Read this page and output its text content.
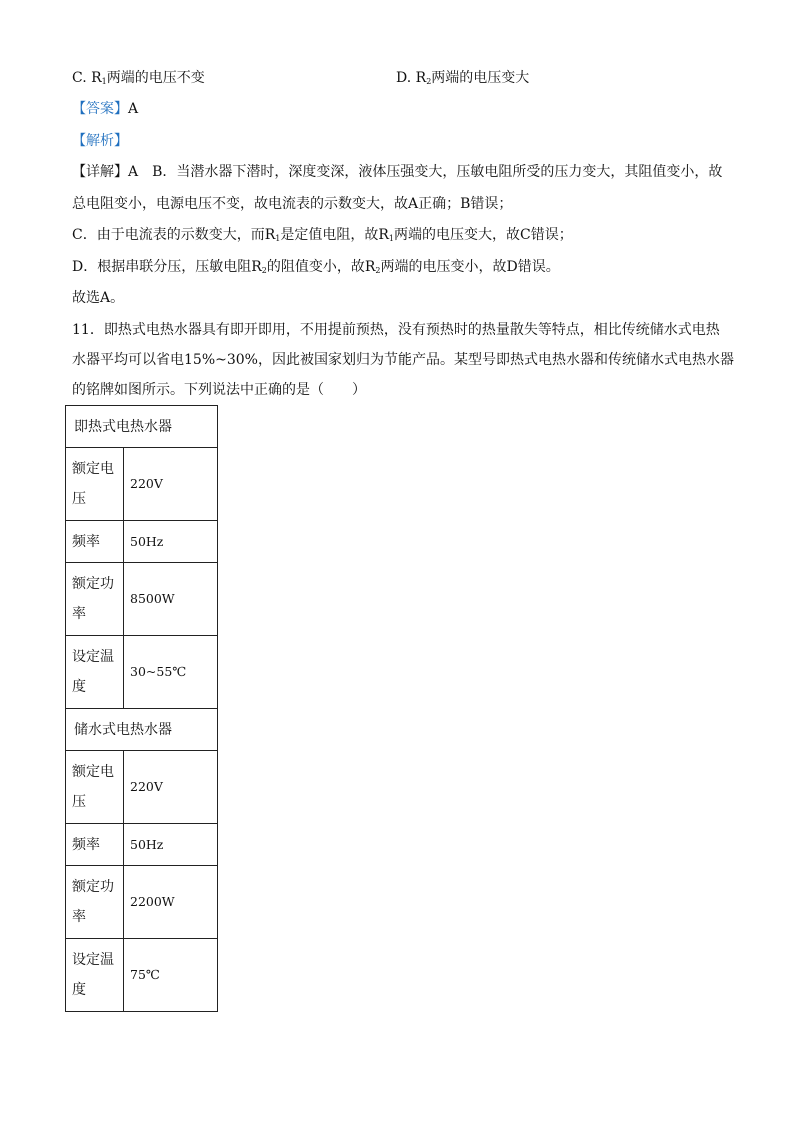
C. $R_1$两端的电压不变	D. $R_2$两端的电压变大
【答案】A
【解析】
【详解】A　B．当潜水器下潜时，深度变深，液体压强变大，压敏电阻所受的压力变大，其阻值变小，故
总电阻变小，电源电压不变，故电流表的示数变大，故A正确；B错误；
C．由于电流表的示数变大，而$R_1$是定值电阻，故$R_1$两端的电压变大，故C错误；
D．根据串联分压，压敏电阻$R_2$的阻值变小，故$R_2$两端的电压变小，故D错误。
故选A。
11．即热式电热水器具有即开即用，不用提前预热，没有预热时的热量散失等特点，相比传统储水式电热
水器平均可以省电15%~30%，因此被国家划归为节能产品。某型号即热式电热水器和传统储水式电热水器
的铭牌如图所示。下列说法中正确的是（　　）
即热式电热水器	

额定电
压	220V
频率	50Hz

额定功
率	8500W

设定温
度	30~55℃
储水式电热水器	

额定电
压	220V
频率	50Hz

额定功
率	2200W

设定温
度	75℃
